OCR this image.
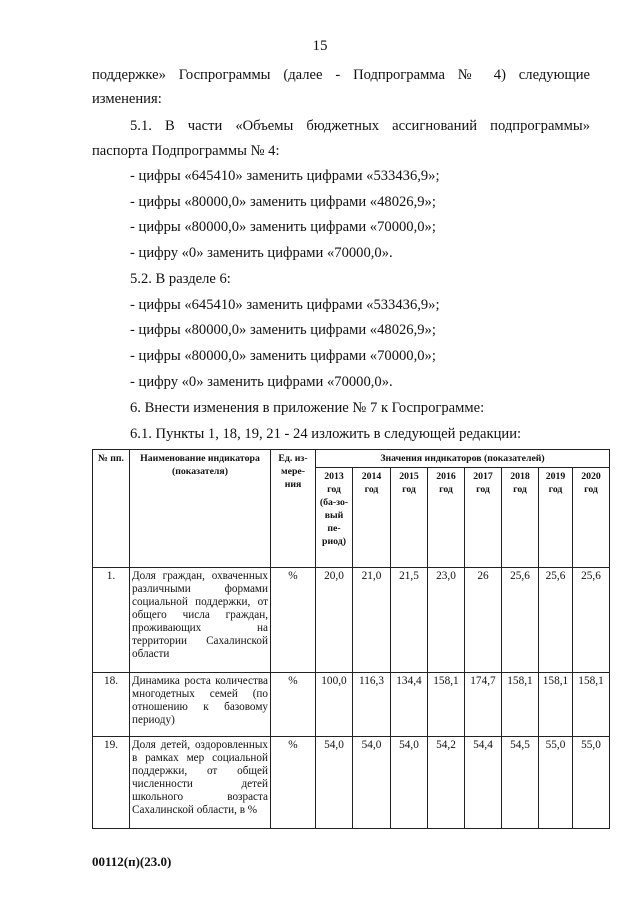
15
поддержке» Госпрограммы (далее - Подпрограмма № 4) следующие
изменения:
5.1. В части «Объемы бюджетных ассигнований подпрограммы»
паспорта Подпрограммы № 4:
- цифры «645410» заменить цифрами «533436,9»;
- цифры «80000,0» заменить цифрами «48026,9»;
- цифры «80000,0» заменить цифрами «70000,0»;
- цифру «0» заменить цифрами «70000,0».
5.2. В разделе 6:
- цифры «645410» заменить цифрами «533436,9»;
- цифры «80000,0» заменить цифрами «48026,9»;
- цифры «80000,0» заменить цифрами «70000,0»;
- цифру «0» заменить цифрами «70000,0».
6. Внести изменения в приложение № 7 к Госпрограмме:
6.1. Пункты 1, 18, 19, 21 - 24 изложить в следующей редакции:
№ пп.	Наименование индикатора (показателя)	Ед. из-мере-ния	Значения индикаторов (показателей)							
			2013 год (ба-зо-вый пе-риод)	2014 год	2015 год	2016 год	2017 год	2018 год	2019 год	2020 год
1.	Доля граждан, охваченных различными формами социальной поддержки, от общего числа граждан, проживающих на территории Сахалинской области	%	20,0	21,0	21,5	23,0	26	25,6	25,6	25,6
18.	Динамика роста количества многодетных семей (по отношению к базовому периоду)	%	100,0	116,3	134,4	158,1	174,7	158,1	158,1	158,1
19.	Доля детей, оздоровленных в рамках мер социальной поддержки, от общей численности детей школьного возраста Сахалинской области, в %	%	54,0	54,0	54,0	54,2	54,4	54,5	55,0	55,0
00112(п)(23.0)
